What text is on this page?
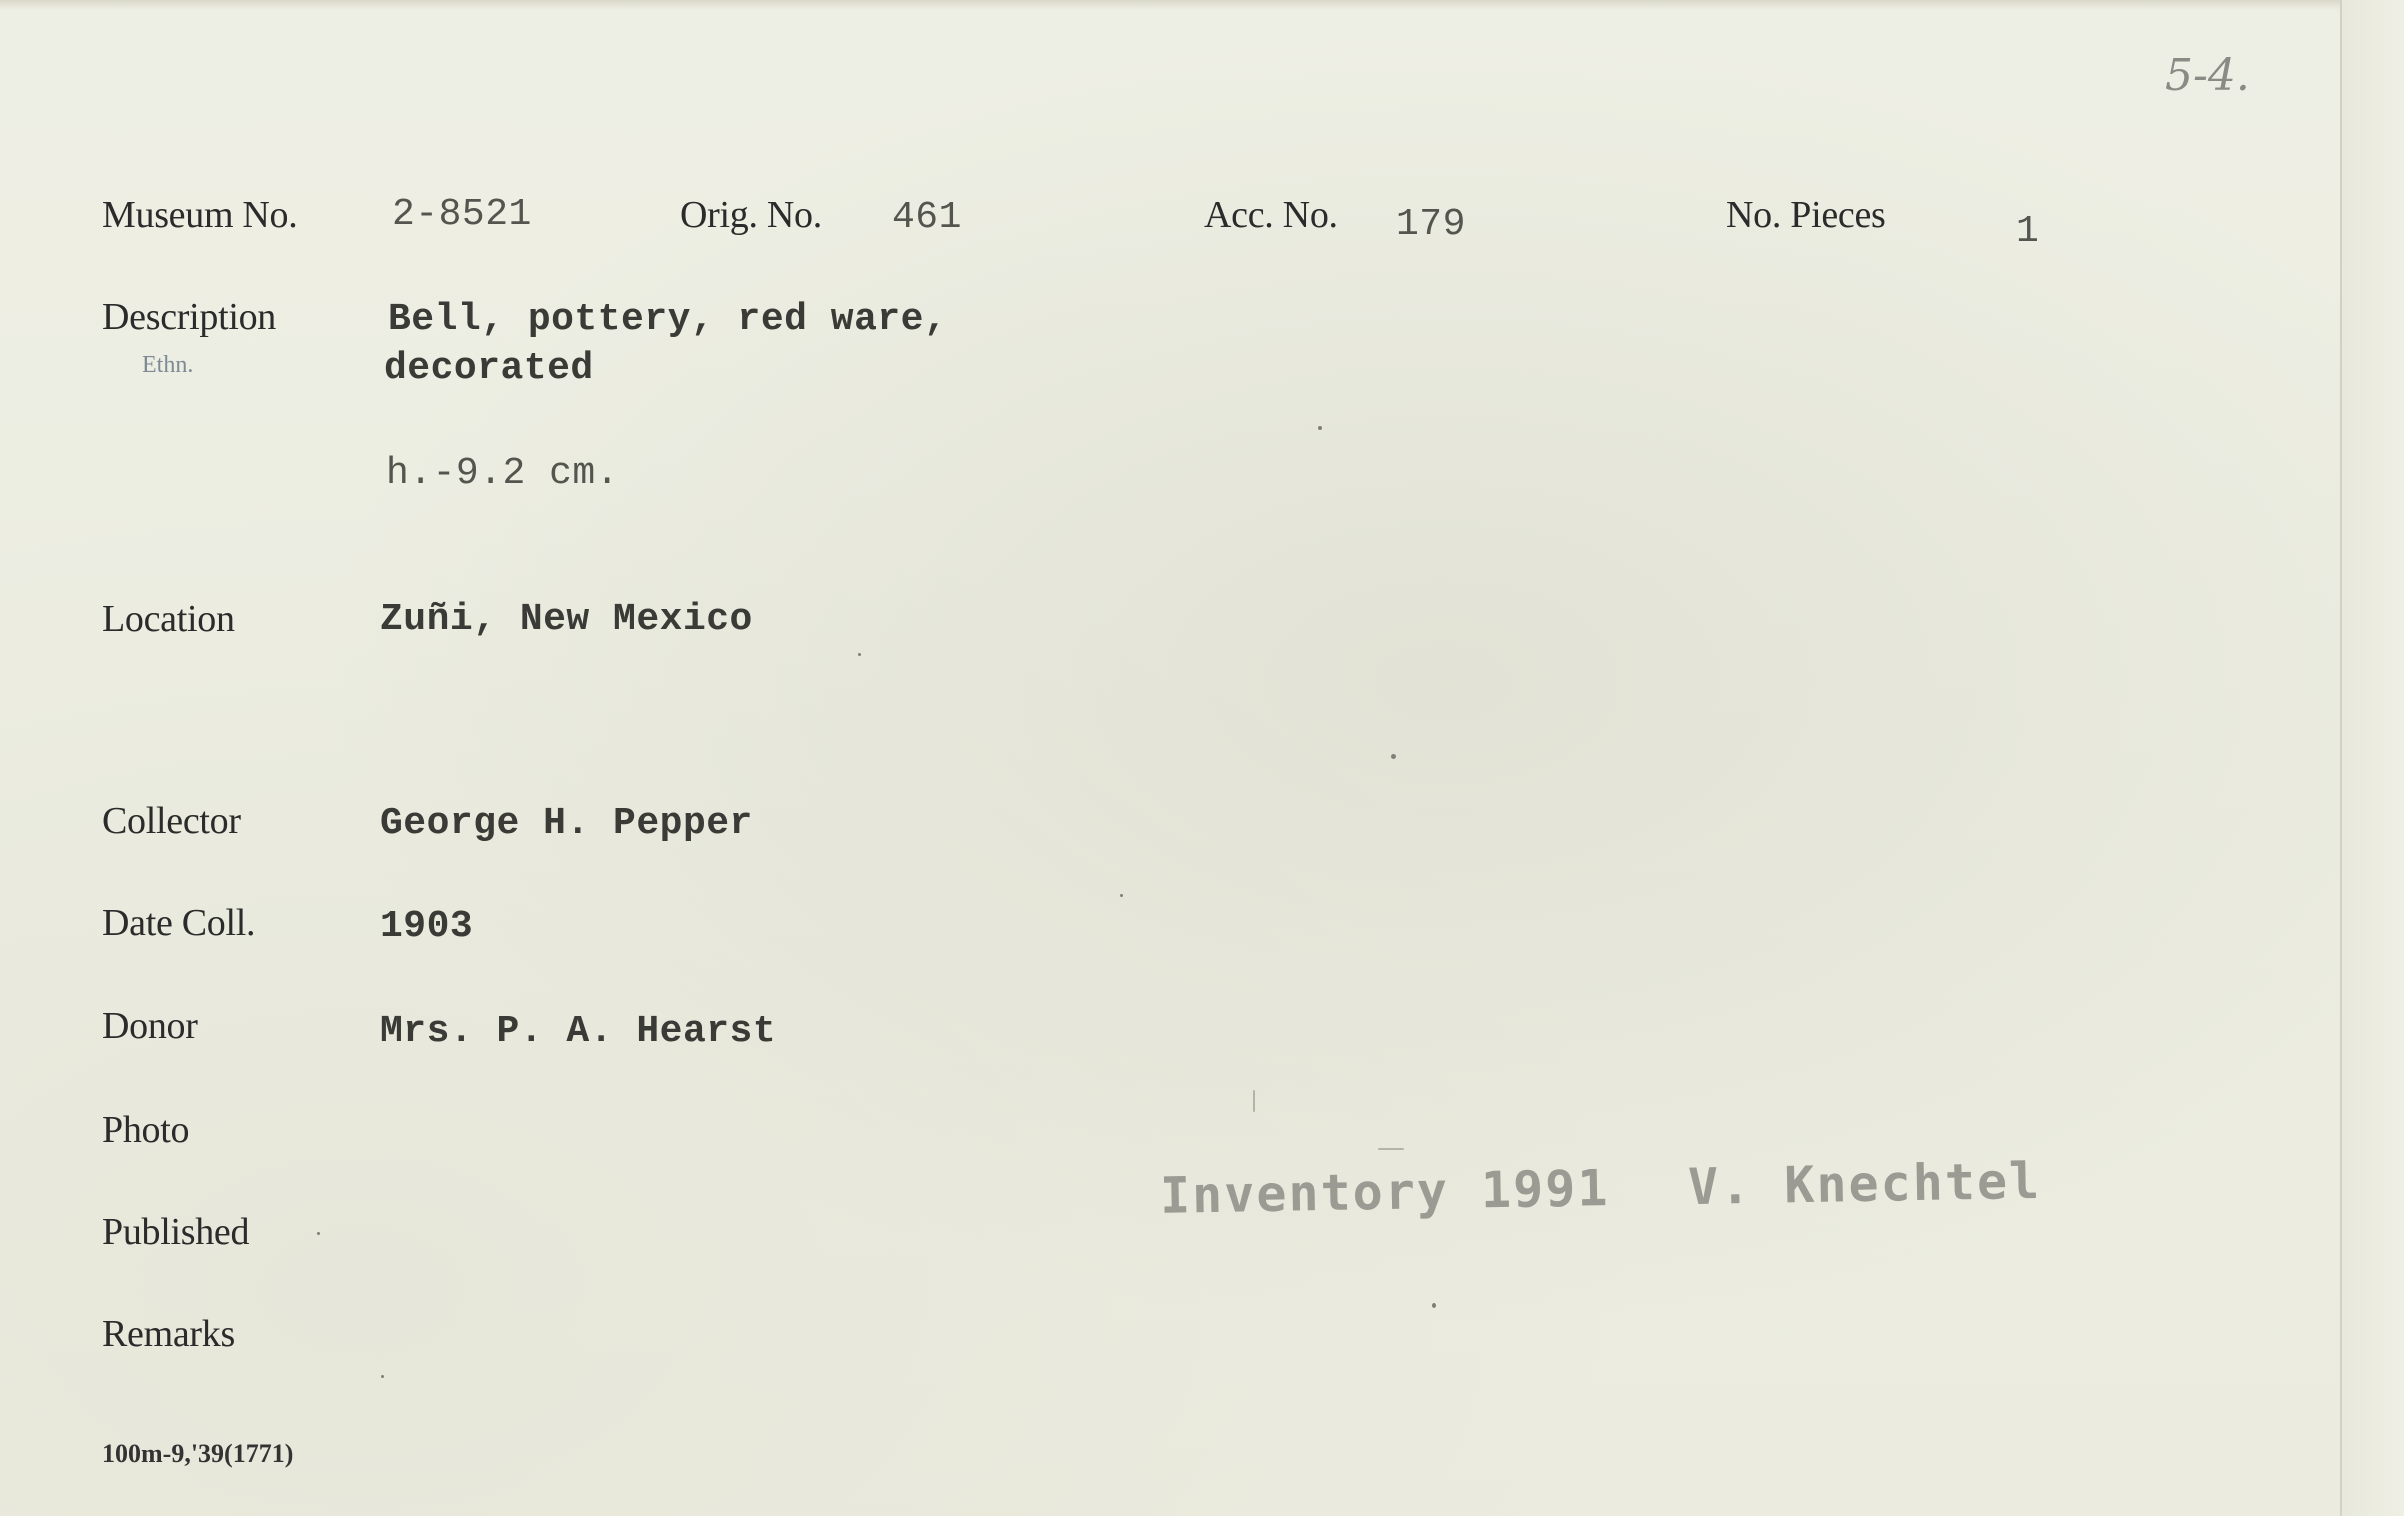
5-4.
Museum No. 2-8521	Orig. No. 461	Acc. No. 179	No. Pieces	1
Description
Ethn.
Bell, pottery, red ware,
decorated
h.-9.2 cm.
Location	Zuñi, New Mexico
Collector	George H. Pepper
Date Coll.	1903
Donor	Mrs. P. A. Hearst
Photo
Published
Remarks
Inventory 1991 V. Knechtel
100m-9,'39(1771)
